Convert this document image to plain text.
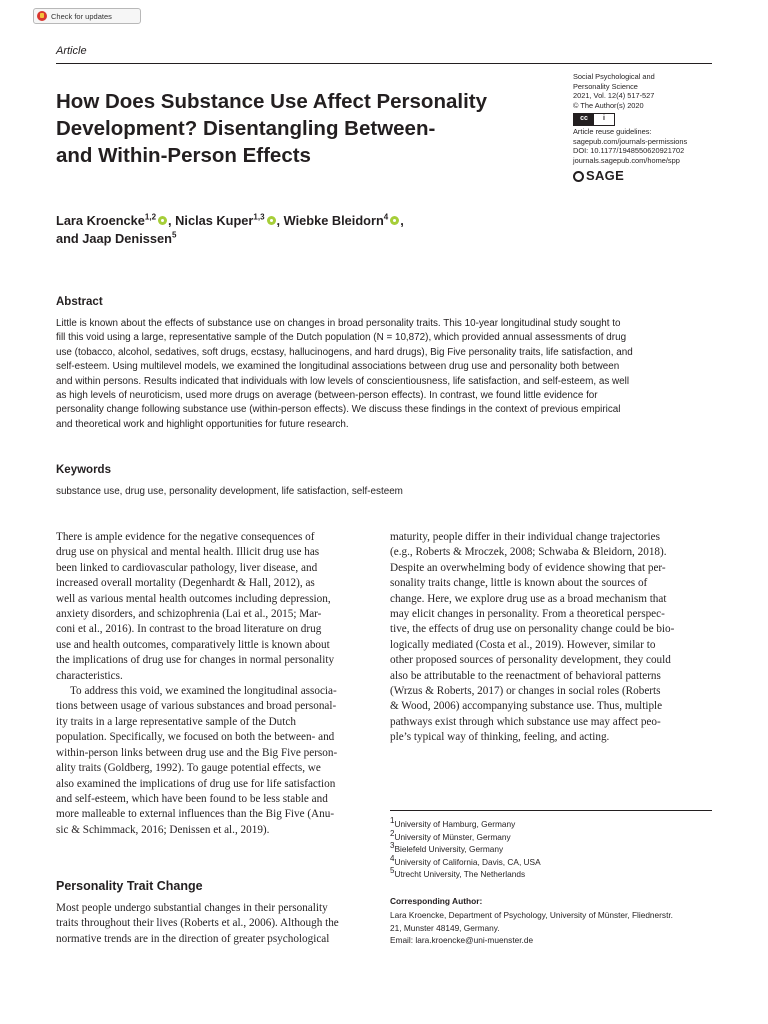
Check for updates
Article
How Does Substance Use Affect Personality
Development? Disentangling Between-
and Within-Person Effects
Social Psychological and
Personality Science
2021, Vol. 12(4) 517-527
© The Author(s) 2020
cc	i
Article reuse guidelines:
sagepub.com/journals-permissions
DOI: 10.1177/1948550620921702
journals.sagepub.com/home/spp
SAGE
Lara Kroencke$^{1,2}$ , Niclas Kuper$^{1,3}$ , Wiebke Bleidorn$^4$ ,
and Jaap Denissen$^5$
Abstract
Little is known about the effects of substance use on changes in broad personality traits. This 10-year longitudinal study sought to
fill this void using a large, representative sample of the Dutch population (N = 10,872), which provided annual assessments of drug
use (tobacco, alcohol, sedatives, soft drugs, ecstasy, hallucinogens, and hard drugs), Big Five personality traits, life satisfaction, and
self-esteem. Using multilevel models, we examined the longitudinal associations between drug use and personality both between
and within persons. Results indicated that individuals with low levels of conscientiousness, life satisfaction, and self-esteem, as well
as high levels of neuroticism, used more drugs on average (between-person effects). In contrast, we found little evidence for
personality change following substance use (within-person effects). We discuss these findings in the context of previous empirical
and theoretical work and highlight opportunities for future research.
Keywords
substance use, drug use, personality development, life satisfaction, self-esteem
There is ample evidence for the negative consequences of
drug use on physical and mental health. Illicit drug use has
been linked to cardiovascular pathology, liver disease, and
increased overall mortality (Degenhardt & Hall, 2012), as
well as various mental health outcomes including depression,
anxiety disorders, and schizophrenia (Lai et al., 2015; Mar-
coni et al., 2016). In contrast to the broad literature on drug
use and health outcomes, comparatively little is known about
the implications of drug use for changes in normal personality
characteristics.
To address this void, we examined the longitudinal associa-
tions between usage of various substances and broad personal-
ity traits in a large representative sample of the Dutch
population. Specifically, we focused on both the between- and
within-person links between drug use and the Big Five person-
ality traits (Goldberg, 1992). To gauge potential effects, we
also examined the implications of drug use for life satisfaction
and self-esteem, which have been found to be less stable and
more malleable to external influences than the Big Five (Anu-
sic & Schimmack, 2016; Denissen et al., 2019).
Personality Trait Change
Most people undergo substantial changes in their personality
traits throughout their lives (Roberts et al., 2006). Although the
normative trends are in the direction of greater psychological
maturity, people differ in their individual change trajectories
(e.g., Roberts & Mroczek, 2008; Schwaba & Bleidorn, 2018).
Despite an overwhelming body of evidence showing that per-
sonality traits change, little is known about the sources of
change. Here, we explore drug use as a broad mechanism that
may elicit changes in personality. From a theoretical perspec-
tive, the effects of drug use on personality change could be bio-
logically mediated (Costa et al., 2019). However, similar to
other proposed sources of personality development, they could
also be attributable to the reenactment of behavioral patterns
(Wrzus & Roberts, 2017) or changes in social roles (Roberts
& Wood, 2006) accompanying substance use. Thus, multiple
pathways exist through which substance use may affect peo-
ple’s typical way of thinking, feeling, and acting.
$^1$University of Hamburg, Germany
$^2$University of Münster, Germany
$^3$Bielefeld University, Germany
$^4$University of California, Davis, CA, USA
$^5$Utrecht University, The Netherlands
Corresponding Author:
Lara Kroencke, Department of Psychology, University of Münster, Fliednerstr.
21, Munster 48149, Germany.
Email: lara.kroencke@uni-muenster.de
